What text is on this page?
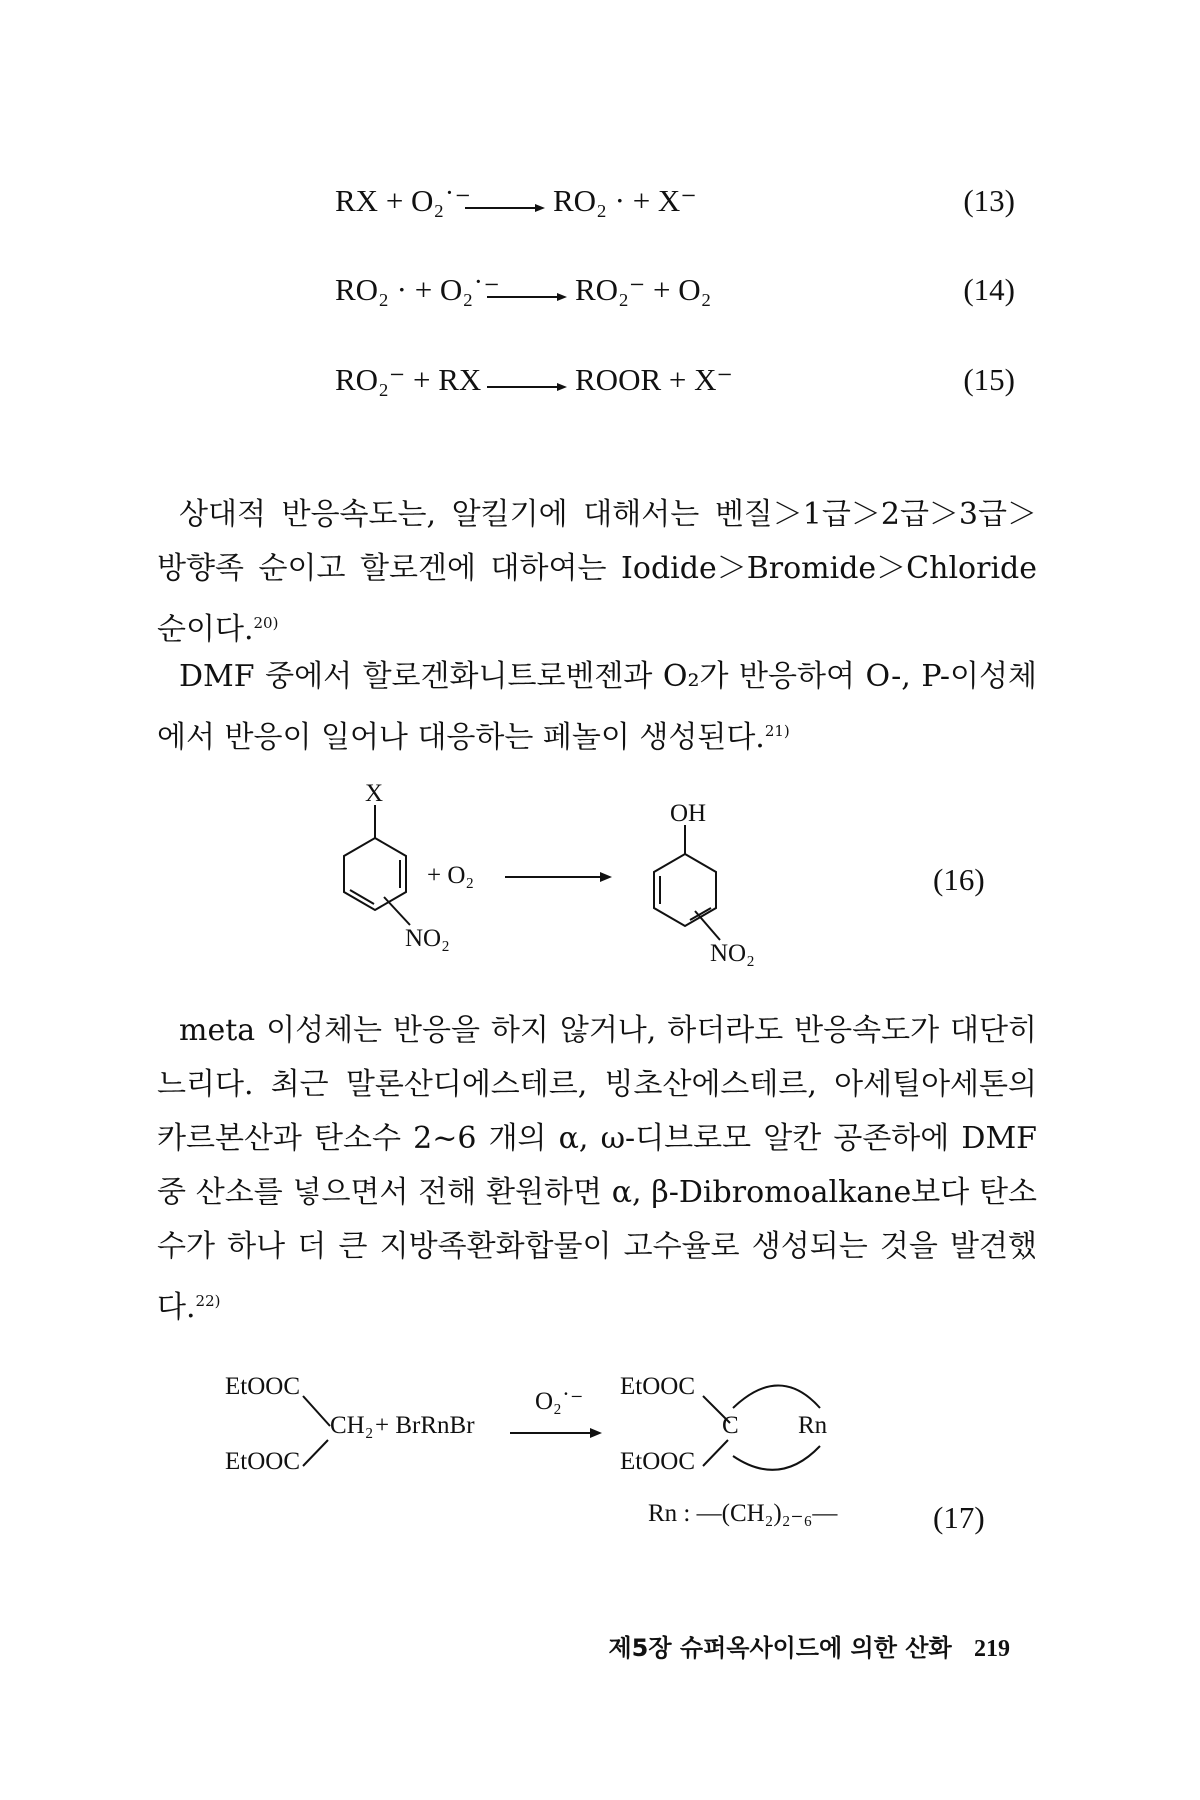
RX + O₂˙⁻ → RO₂ · + X⁻	(13)
RO₂ · + O₂˙⁻ → RO₂⁻ + O₂	(14)
RO₂⁻ + RX → ROOR + X⁻	(15)
상대적 반응속도는, 알킬기에 대해서는 벤질＞1급＞2급＞3급＞방향족 순이고 할로겐에 대하여는 Iodide＞Bromide＞Chloride 순이다.$^{20)}$
DMF 중에서 할로겐화니트로벤젠과 O₂가 반응하여 O-, P-이성체에서 반응이 일어나 대응하는 페놀이 생성된다.$^{21)}$
X
+ O₂
NO₂
OH
NO₂
(16)
meta 이성체는 반응을 하지 않거나, 하더라도 반응속도가 대단히 느리다. 최근 말론산디에스테르, 빙초산에스테르, 아세틸아세톤의 카르본산과 탄소수 2~6 개의 α, ω-디브로모 알칸 공존하에 DMF 중 산소를 넣으면서 전해 환원하면 α, β-Dibromoalkane보다 탄소수가 하나 더 큰 지방족환화합물이 고수율로 생성되는 것을 발견했다.$^{22)}$
EtOOC
EtOOC
CH₂ + BrRnBr
O₂˙⁻
EtOOC
EtOOC
C Rn
Rn : —(CH₂)₂₋₆—	(17)
제5장 슈퍼옥사이드에 의한 산화 219
